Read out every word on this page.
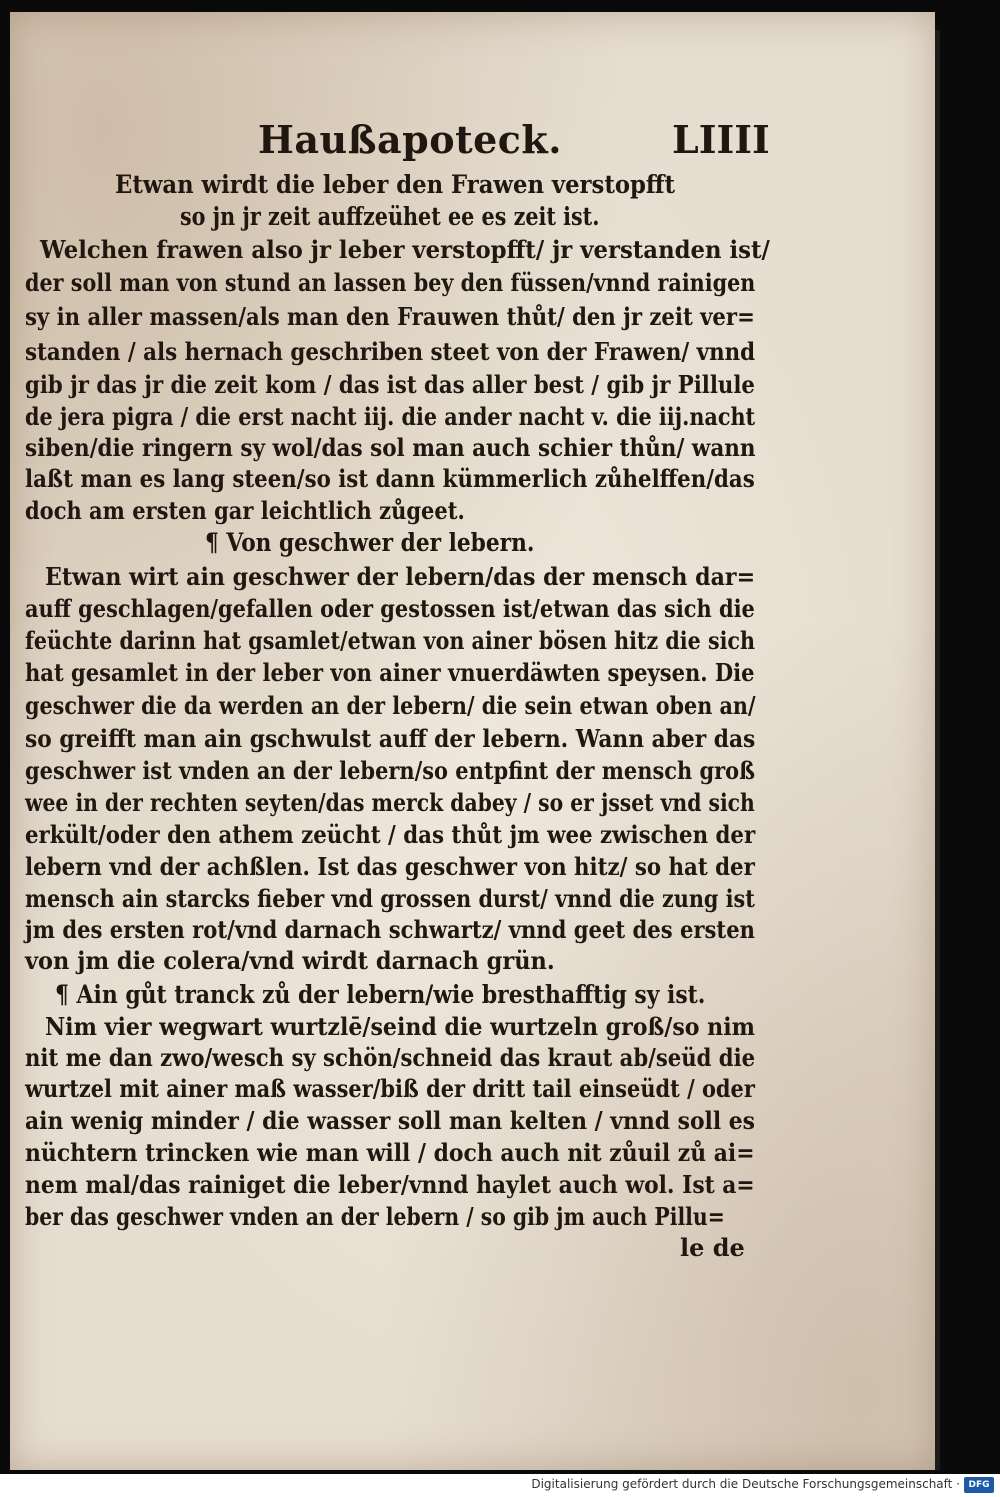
Haußapoteck.	LIIII
Etwan wirdt die leber den Frawen verstopfft
so jn jr zeit auffzeühet ee es zeit ist.
Welchen frawen also jr leber verstopfft/ jr verstanden ist/
der soll man von stund an lassen bey den füssen/vnnd rainigen
sy in aller massen/als man den Frauwen thůt/ den jr zeit ver=
standen / als hernach geschriben steet von der Frawen/ vnnd
gib jr das jr die zeit kom / das ist das aller best / gib jr Pillule
de jera pigra / die erst nacht iij. die ander nacht v. die iij.nacht
siben/die ringern sy wol/das sol man auch schier thůn/ wann
laßt man es lang steen/so ist dann kümmerlich zůhelffen/das
doch am ersten gar leichtlich zůgeet.
¶ Von geschwer der lebern.
Etwan wirt ain geschwer der lebern/das der mensch dar=
auff geschlagen/gefallen oder gestossen ist/etwan das sich die
feüchte darinn hat gsamlet/etwan von ainer bösen hitz die sich
hat gesamlet in der leber von ainer vnuerdäwten speysen. Die
geschwer die da werden an der lebern/ die sein etwan oben an/
so greifft man ain gschwulst auff der lebern. Wann aber das
geschwer ist vnden an der lebern/so entpfint der mensch groß
wee in der rechten seyten/das merck dabey / so er jsset vnd sich
erkült/oder den athem zeücht / das thůt jm wee zwischen der
lebern vnd der achßlen. Ist das geschwer von hitz/ so hat der
mensch ain starcks fieber vnd grossen durst/ vnnd die zung ist
jm des ersten rot/vnd darnach schwartz/ vnnd geet des ersten
von jm die colera/vnd wirdt darnach grün.
¶ Ain gůt tranck zů der lebern/wie bresthafftig sy ist.
Nim vier wegwart wurtzlē/seind die wurtzeln groß/so nim
nit me dan zwo/wesch sy schön/schneid das kraut ab/seüd die
wurtzel mit ainer maß wasser/biß der dritt tail einseüdt / oder
ain wenig minder / die wasser soll man kelten / vnnd soll es
nüchtern trincken wie man will / doch auch nit zůuil zů ai=
nem mal/das rainiget die leber/vnnd haylet auch wol. Ist a=
ber das geschwer vnden an der lebern / so gib jm auch Pillu=
le de
Digitalisierung gefördert durch die Deutsche Forschungsgemeinschaft · DFG
